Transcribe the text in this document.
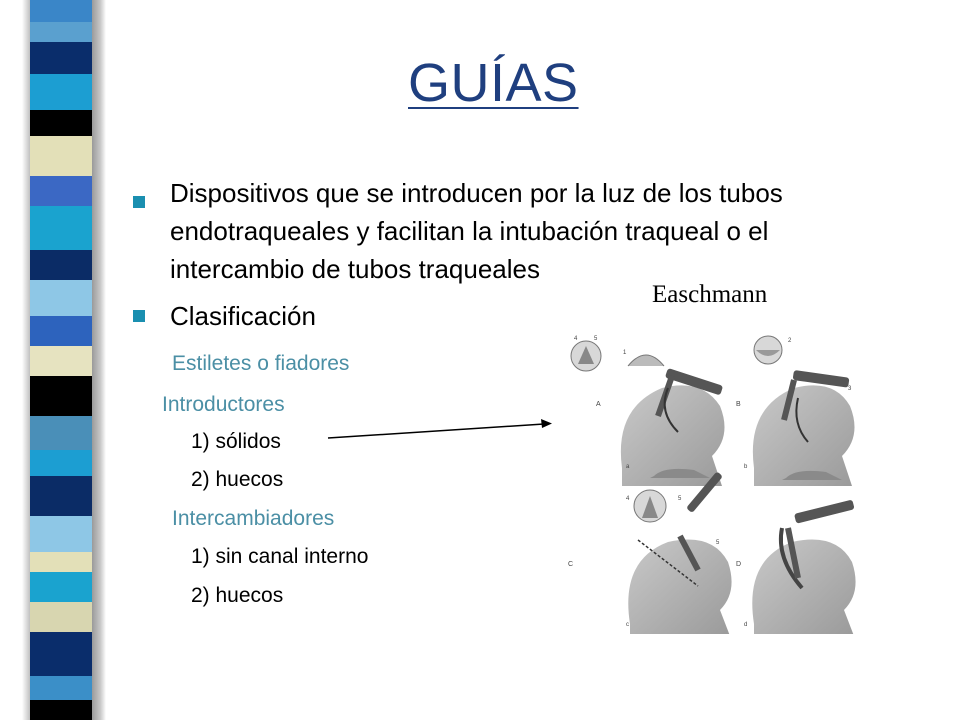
GUÍAS
Dispositivos que se introducen por la luz de los tubos
endotraqueales y facilitan la intubación traqueal o el
intercambio de tubos traqueales
Clasificación
Estiletes o fiadores
Introductores
1) sólidos
2) huecos
Intercambiadores
1) sin canal interno
2) huecos
Easchmann
A	B
C	D
4	5
1
2
3
4	5
5
a	b
c	d
